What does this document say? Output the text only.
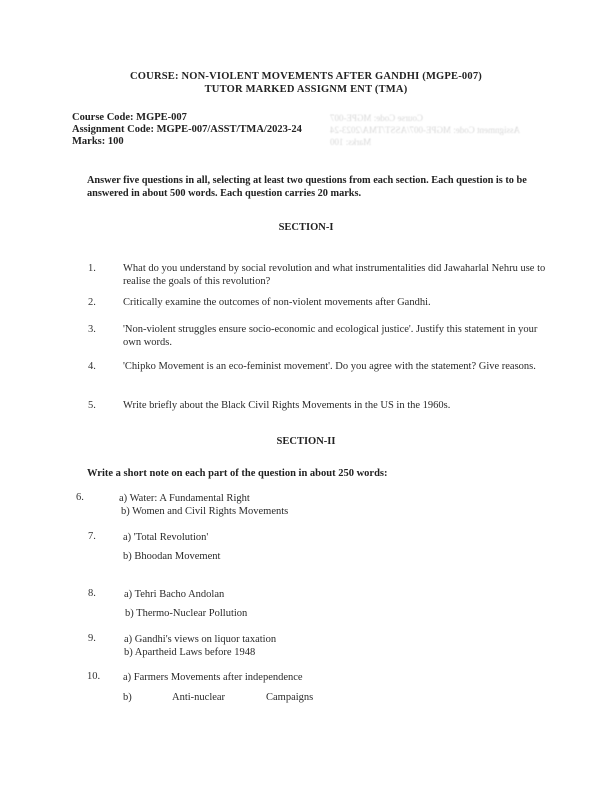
COURSE: NON-VIOLENT MOVEMENTS AFTER GANDHI (MGPE-007)
TUTOR MARKED ASSIGNM ENT (TMA)
Course Code: MGPE-007
Assignment Code: MGPE-007/ASST/TMA/2023-24
Marks: 100
Course Code: MGPE-007
Assignment Code: MGPE-007/ASST/TMA/2023-24
Marks: 100
Answer five questions in all, selecting at least two questions from each section. Each question is to be answered in about 500 words. Each question carries 20 marks.
SECTION-I
1.	What do you understand by social revolution and what instrumentalities did Jawaharlal Nehru use to realise the goals of this revolution?
2.	Critically examine the outcomes of non-violent movements after Gandhi.
3.	'Non-violent struggles ensure socio-economic and ecological justice'. Justify this statement in your own words.
4.	'Chipko Movement is an eco-feminist movement'. Do you agree with the statement? Give reasons.
5.	Write briefly about the Black Civil Rights Movements in the US in the 1960s.
SECTION-II
Write a short note on each part of the question in about 250 words:
6.	a) Water: A Fundamental Right
b) Women and Civil Rights Movements
7.	a) 'Total Revolution'
b) Bhoodan Movement
8.	a) Tehri Bacho Andolan
b) Thermo-Nuclear Pollution
9.	a) Gandhi's views on liquor taxation
b) Apartheid Laws before 1948
10. a) Farmers Movements after independence
b)	Anti-nuclear	Campaigns
